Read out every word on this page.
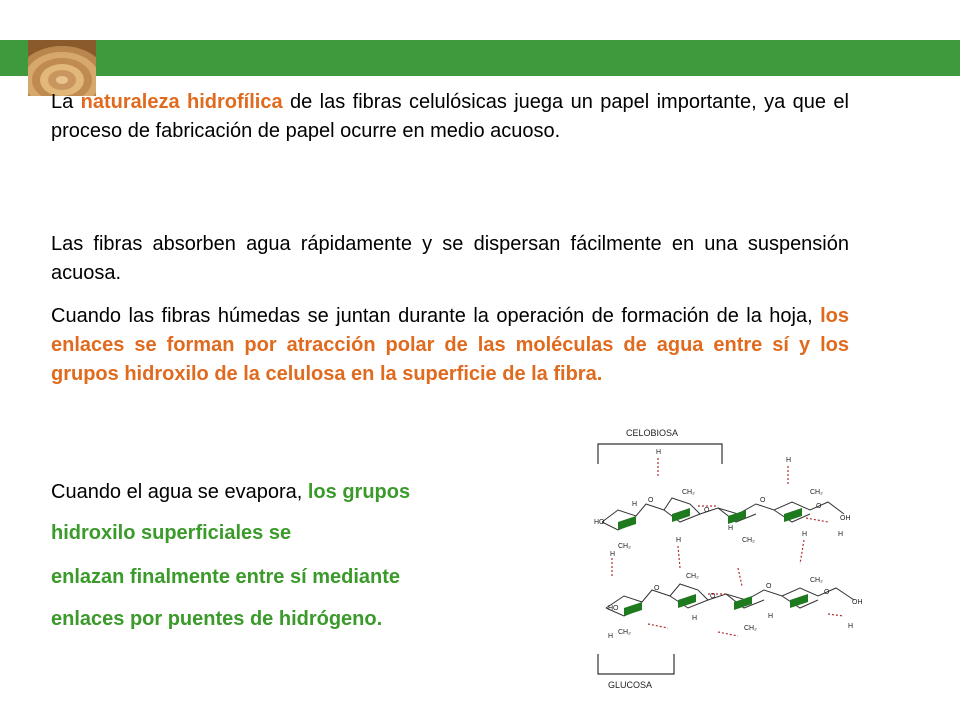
La naturaleza hidrofílica de las fibras celulósicas juega un papel importante, ya que el proceso de fabricación de papel ocurre en medio acuoso.

Las fibras absorben agua rápidamente y se dispersan fácilmente en una suspensión acuosa.

Cuando las fibras húmedas se juntan durante la operación de formación de la hoja, los enlaces se forman por atracción polar de las moléculas de agua entre sí y los grupos hidroxilo de la celulosa en la superficie de la fibra.

Cuando el agua se evapora, los grupos

hidroxilo superficiales se

enlazan finalmente entre sí mediante

enlaces por puentes de hidrógeno.

CELOBIOSA
GLUCOSA
HO
OH
HO
OH
O
O
O
O
O
O
O
O
CH₂	CH₂
CH₂
CH₂
CH₂
CH₂
CH₂
CH₂
H
H
H
H
H
H	H
H
H
H
H
H
